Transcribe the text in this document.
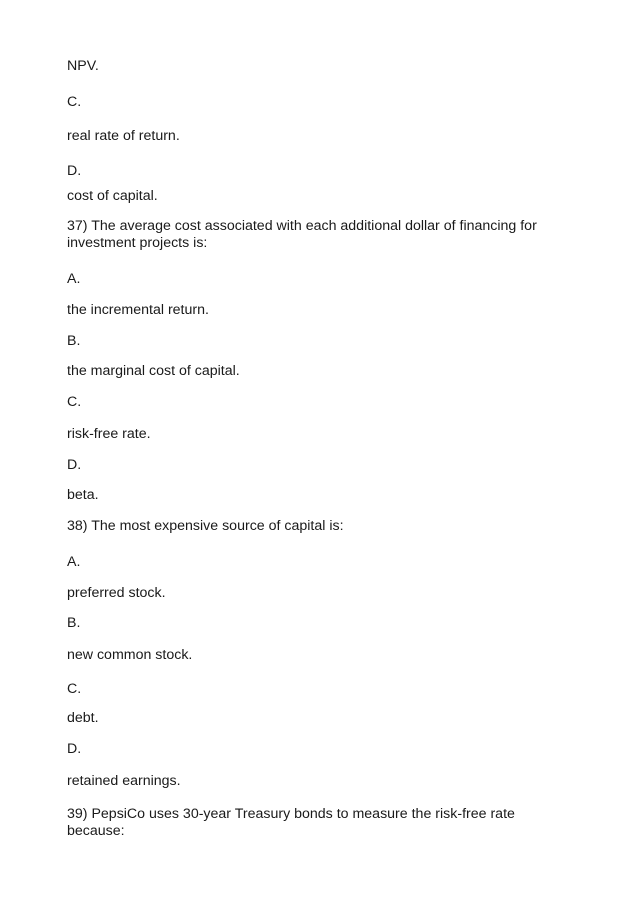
NPV.
C.
real rate of return.
D.
cost of capital.
37) The average cost associated with each additional dollar of financing for investment projects is:
A.
the incremental return.
B.
the marginal cost of capital.
C.
risk-free rate.
D.
beta.
38) The most expensive source of capital is:
A.
preferred stock.
B.
new common stock.
C.
debt.
D.
retained earnings.
39) PepsiCo uses 30-year Treasury bonds to measure the risk-free rate because:
